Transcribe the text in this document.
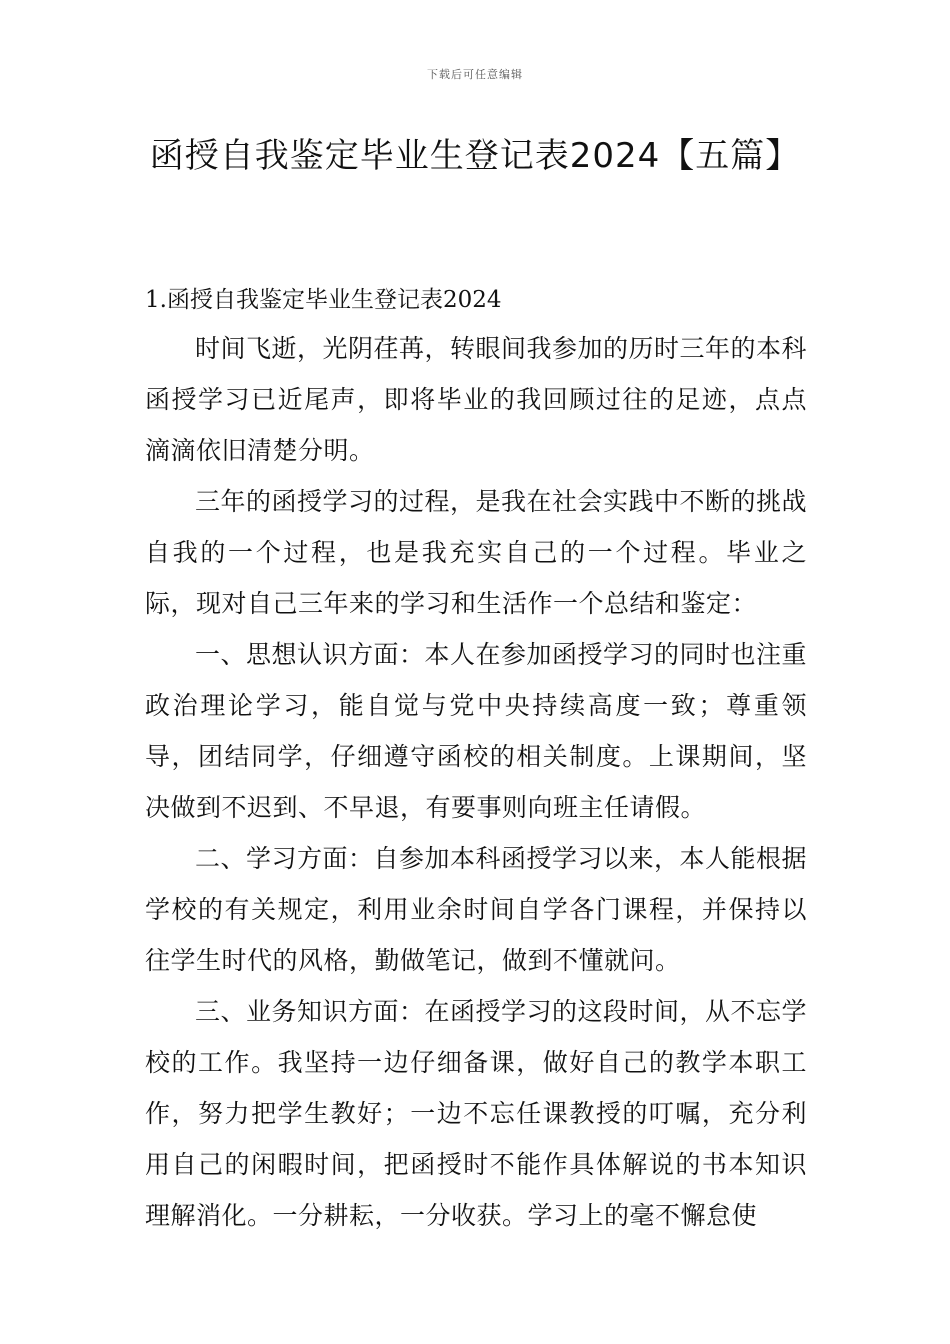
下载后可任意编辑
函授自我鉴定毕业生登记表2024【五篇】
1.函授自我鉴定毕业生登记表2024

时间飞逝，光阴荏苒，转眼间我参加的历时三年的本科函授学习已近尾声，即将毕业的我回顾过往的足迹，点点滴滴依旧清楚分明。

三年的函授学习的过程，是我在社会实践中不断的挑战自我的一个过程，也是我充实自己的一个过程。毕业之际，现对自己三年来的学习和生活作一个总结和鉴定：

一、思想认识方面：本人在参加函授学习的同时也注重政治理论学习，能自觉与党中央持续高度一致；尊重领导，团结同学，仔细遵守函校的相关制度。上课期间，坚决做到不迟到、不早退，有要事则向班主任请假。

二、学习方面：自参加本科函授学习以来，本人能根据学校的有关规定，利用业余时间自学各门课程，并保持以往学生时代的风格，勤做笔记，做到不懂就问。

三、业务知识方面：在函授学习的这段时间，从不忘学校的工作。我坚持一边仔细备课，做好自己的教学本职工作，努力把学生教好；一边不忘任课教授的叮嘱，充分利用自己的闲暇时间，把函授时不能作具体解说的书本知识理解消化。一分耕耘，一分收获。学习上的毫不懈怠使
